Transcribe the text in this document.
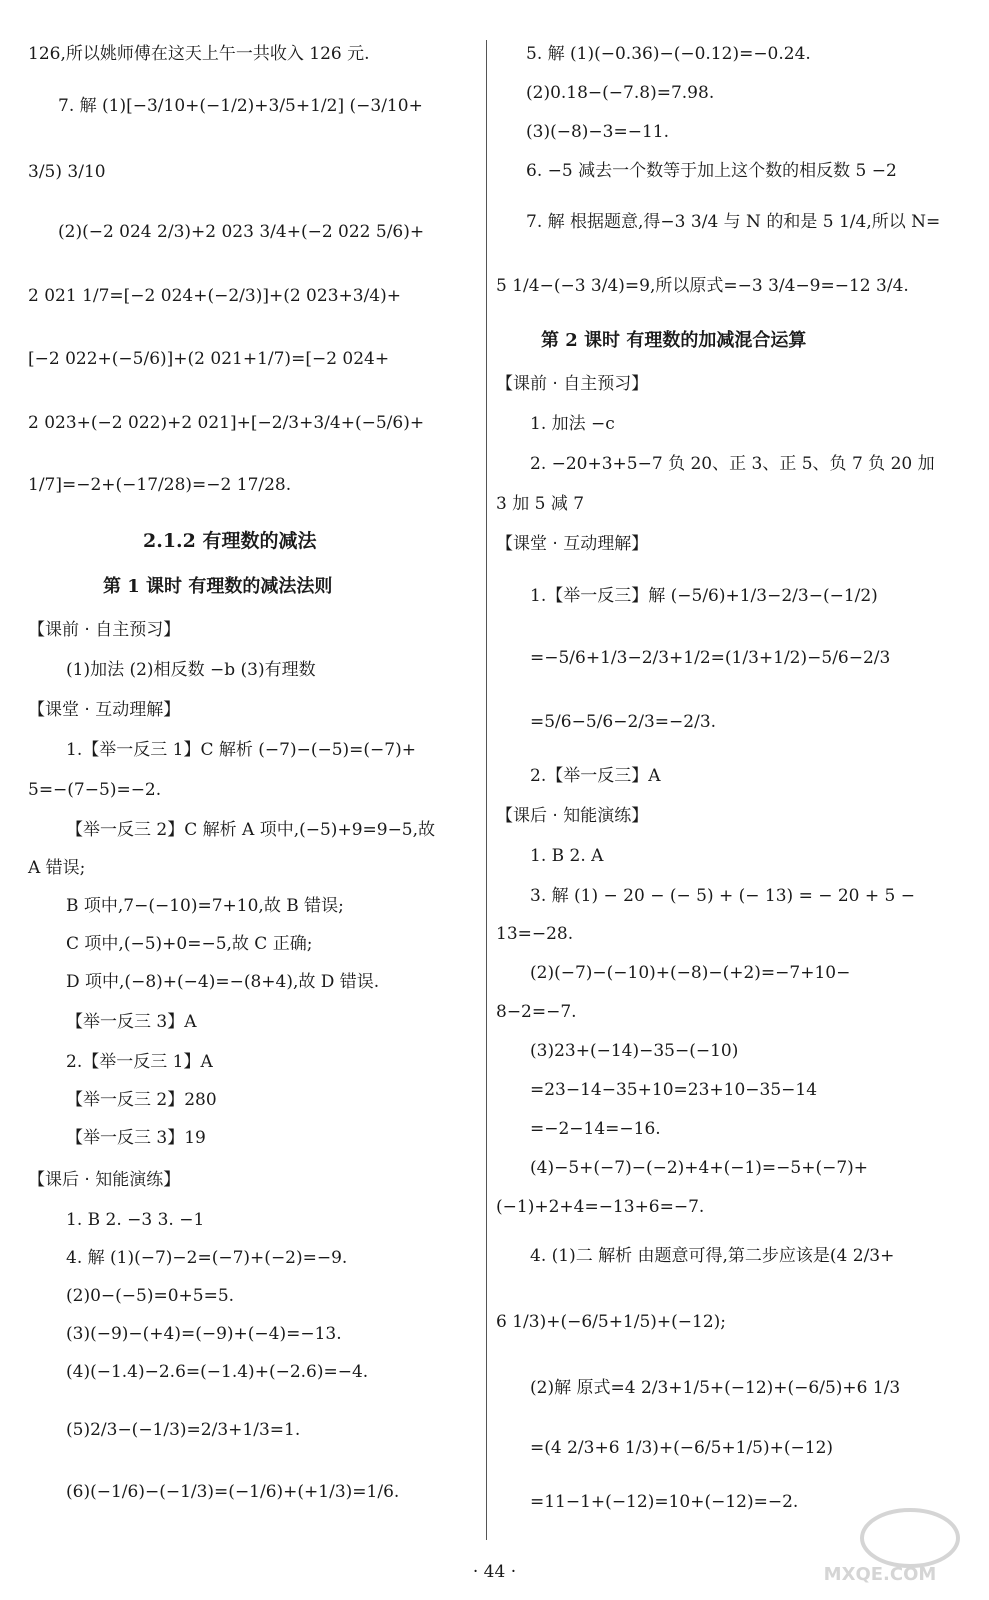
126,所以姚师傅在这天上午一共收入 126 元.
7. 解 (1)[−3/10+(−1/2)+3/5+1/2] (−3/10+
3/5) 3/10
(2)(−2 024 2/3)+2 023 3/4+(−2 022 5/6)+
2 021 1/7=[−2 024+(−2/3)]+(2 023+3/4)+
[−2 022+(−5/6)]+(2 021+1/7)=[−2 024+
2 023+(−2 022)+2 021]+[−2/3+3/4+(−5/6)+
1/7]=−2+(−17/28)=−2 17/28.
2.1.2 有理数的减法
第 1 课时 有理数的减法法则
【课前 · 自主预习】
(1)加法 (2)相反数 −b (3)有理数
【课堂 · 互动理解】
1.【举一反三 1】C 解析 (−7)−(−5)=(−7)+
5=−(7−5)=−2.
【举一反三 2】C 解析 A 项中,(−5)+9=9−5,故
A 错误;
B 项中,7−(−10)=7+10,故 B 错误;
C 项中,(−5)+0=−5,故 C 正确;
D 项中,(−8)+(−4)=−(8+4),故 D 错误.
【举一反三 3】A
2.【举一反三 1】A
【举一反三 2】280
【举一反三 3】19
【课后 · 知能演练】
1. B 2. −3 3. −1
4. 解 (1)(−7)−2=(−7)+(−2)=−9.
(2)0−(−5)=0+5=5.
(3)(−9)−(+4)=(−9)+(−4)=−13.
(4)(−1.4)−2.6=(−1.4)+(−2.6)=−4.
(5)2/3−(−1/3)=2/3+1/3=1.
(6)(−1/6)−(−1/3)=(−1/6)+(+1/3)=1/6.
5. 解 (1)(−0.36)−(−0.12)=−0.24.
(2)0.18−(−7.8)=7.98.
(3)(−8)−3=−11.
6. −5 减去一个数等于加上这个数的相反数 5 −2
7. 解 根据题意,得−3 3/4 与 N 的和是 5 1/4,所以 N=
5 1/4−(−3 3/4)=9,所以原式=−3 3/4−9=−12 3/4.
第 2 课时 有理数的加减混合运算
【课前 · 自主预习】
1. 加法 −c
2. −20+3+5−7 负 20、正 3、正 5、负 7 负 20 加
3 加 5 减 7
【课堂 · 互动理解】
1.【举一反三】解 (−5/6)+1/3−2/3−(−1/2)
=−5/6+1/3−2/3+1/2=(1/3+1/2)−5/6−2/3
=5/6−5/6−2/3=−2/3.
2.【举一反三】A
【课后 · 知能演练】
1. B 2. A
3. 解 (1) − 20 − (− 5) + (− 13) = − 20 + 5 −
13=−28.
(2)(−7)−(−10)+(−8)−(+2)=−7+10−
8−2=−7.
(3)23+(−14)−35−(−10)
=23−14−35+10=23+10−35−14
=−2−14=−16.
(4)−5+(−7)−(−2)+4+(−1)=−5+(−7)+
(−1)+2+4=−13+6=−7.
4. (1)二 解析 由题意可得,第二步应该是(4 2/3+
6 1/3)+(−6/5+1/5)+(−12);
(2)解 原式=4 2/3+1/5+(−12)+(−6/5)+6 1/3
=(4 2/3+6 1/3)+(−6/5+1/5)+(−12)
=11−1+(−12)=10+(−12)=−2.
MXQE.COM
· 44 ·
